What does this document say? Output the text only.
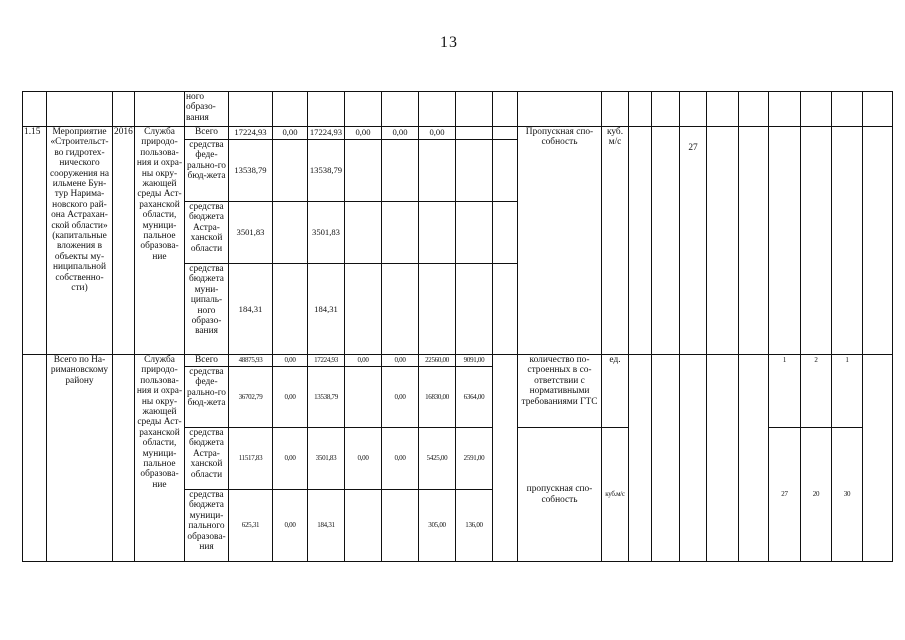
13
				ного образо-вания																			
1.15	Мероприятие «Строительст-во гидротех-нического сооружения на ильмене Бун-тур Нарима-новского рай-она Астрахан-ской области» (капитальные вложения в объекты му-ниципальной собственно-сти)	2016	Служба природо-пользова-ния и охра-ны окру-жающей среды Аст-раханской области, муници-пальное образова-ние	Всего	17224,93	0,00	17224,93	0,00	0,00	0,00			Пропускная спо-собность	куб. м/с			27						
				средства феде-рально-го бюд-жета	13538,79		13538,79																
				средства бюджета Астра-ханской области	3501,83		3501,83																
				средства бюджета муни-ципаль-ного образо-вания	184,31		184,31																
	Всего по На-римановскому району		Служба природо-пользова-ния и охра-ны окру-жающей среды Аст-раханской области, муници-пальное образова-ние	Всего	48875,93	0,00	17224,93	0,00	0,00	22560,00	9091,00		количество по-строенных в со-ответствии с нормативными требованиями ГТС	ед.						1	2	1	
				средства феде-рально-го бюд-жета	36702,79	0,00	13538,79		0,00	16830,00	6364,00												
				средства бюджета Астра-ханской области	11517,83	0,00	3501,83	0,00	0,00	5425,00	2591,00		пропускная спо-собность	куб.м/с						27	20	30	
				средства бюджета муници-пального образова-ния	625,31	0,00	184,31			305,00	136,00												
